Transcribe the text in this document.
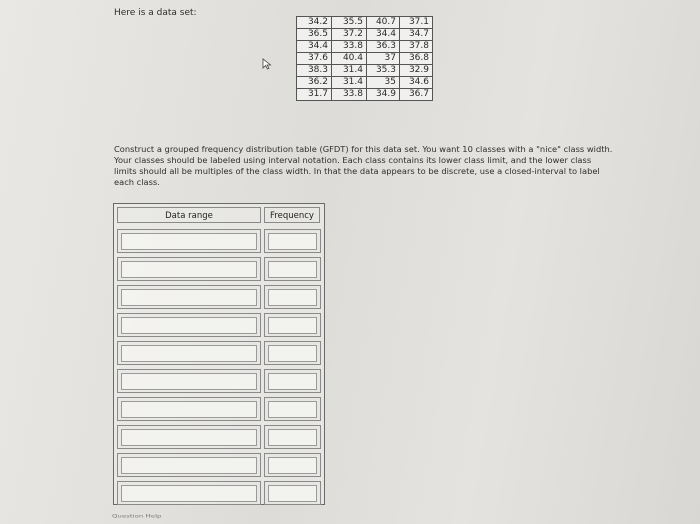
Here is a data set:
34.2	35.5	40.7	37.1
36.5	37.2	34.4	34.7
34.4	33.8	36.3	37.8
37.6	40.4	37	36.8
38.3	31.4	35.3	32.9
36.2	31.4	35	34.6
31.7	33.8	34.9	36.7
Construct a grouped frequency distribution table (GFDT) for this data set. You want 10 classes with a "nice" class width. Your classes should be labeled using interval notation. Each class contains its lower class limit, and the lower class limits should all be multiples of the class width. In that the data appears to be discrete, use a closed-interval to label each class.
Data range	Frequency
Question Help
